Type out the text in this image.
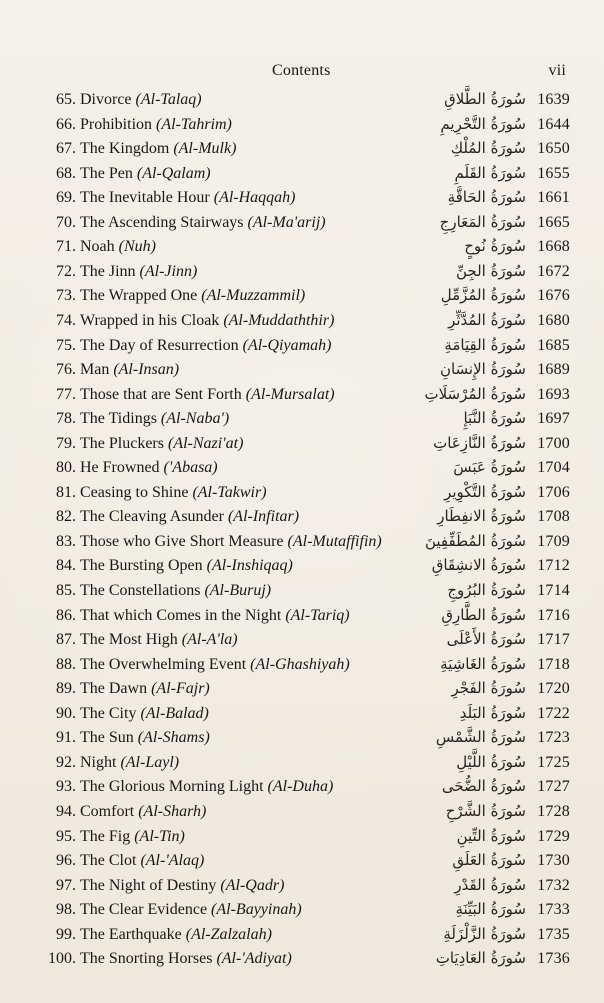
Contents	vii
65. Divorce (Al-Talaq)	سُورَةُ الطَّلاقِ 1639
66. Prohibition (Al-Tahrim)	سُورَةُ التَّحْرِيمِ 1644
67. The Kingdom (Al-Mulk)	سُورَةُ المُلْكِ 1650
68. The Pen (Al-Qalam)	سُورَةُ القَلَمِ 1655
69. The Inevitable Hour (Al-Haqqah)	سُورَةُ الحَاقَّةِ 1661
70. The Ascending Stairways (Al-Ma'arij)	سُورَةُ المَعَارِجِ 1665
71. Noah (Nuh)	سُورَةُ نُوحٍ 1668
72. The Jinn (Al-Jinn)	سُورَةُ الجِنِّ 1672
73. The Wrapped One (Al-Muzzammil)	سُورَةُ المُزَّمِّلِ 1676
74. Wrapped in his Cloak (Al-Muddaththir)	سُورَةُ المُدَّثِّرِ 1680
75. The Day of Resurrection (Al-Qiyamah)	سُورَةُ القِيَامَةِ 1685
76. Man (Al-Insan)	سُورَةُ الإِنسَانِ 1689
77. Those that are Sent Forth (Al-Mursalat)	سُورَةُ المُرْسَلَاتِ 1693
78. The Tidings (Al-Naba')	سُورَةُ النَّبَإِ 1697
79. The Pluckers (Al-Nazi'at)	سُورَةُ النَّازِعَاتِ 1700
80. He Frowned ('Abasa)	سُورَةُ عَبَسَ 1704
81. Ceasing to Shine (Al-Takwir)	سُورَةُ التَّكْوِيرِ 1706
82. The Cleaving Asunder (Al-Infitar)	سُورَةُ الانفِطَارِ 1708
83. Those who Give Short Measure (Al-Mutaffifin)	سُورَةُ المُطَفِّفِينَ 1709
84. The Bursting Open (Al-Inshiqaq)	سُورَةُ الانشِقَاقِ 1712
85. The Constellations (Al-Buruj)	سُورَةُ البُرُوجِ 1714
86. That which Comes in the Night (Al-Tariq)	سُورَةُ الطَّارِقِ 1716
87. The Most High (Al-A'la)	سُورَةُ الأَعْلَى 1717
88. The Overwhelming Event (Al-Ghashiyah)	سُورَةُ الغَاشِيَةِ 1718
89. The Dawn (Al-Fajr)	سُورَةُ الفَجْرِ 1720
90. The City (Al-Balad)	سُورَةُ البَلَدِ 1722
91. The Sun (Al-Shams)	سُورَةُ الشَّمْسِ 1723
92. Night (Al-Layl)	سُورَةُ اللَّيْلِ 1725
93. The Glorious Morning Light (Al-Duha)	سُورَةُ الضُّحَى 1727
94. Comfort (Al-Sharh)	سُورَةُ الشَّرْحِ 1728
95. The Fig (Al-Tin)	سُورَةُ التِّينِ 1729
96. The Clot (Al-'Alaq)	سُورَةُ العَلَقِ 1730
97. The Night of Destiny (Al-Qadr)	سُورَةُ القَدْرِ 1732
98. The Clear Evidence (Al-Bayyinah)	سُورَةُ البَيِّنَةِ 1733
99. The Earthquake (Al-Zalzalah)	سُورَةُ الزَّلْزَلَةِ 1735
100. The Snorting Horses (Al-'Adiyat)	سُورَةُ العَادِيَاتِ 1736
